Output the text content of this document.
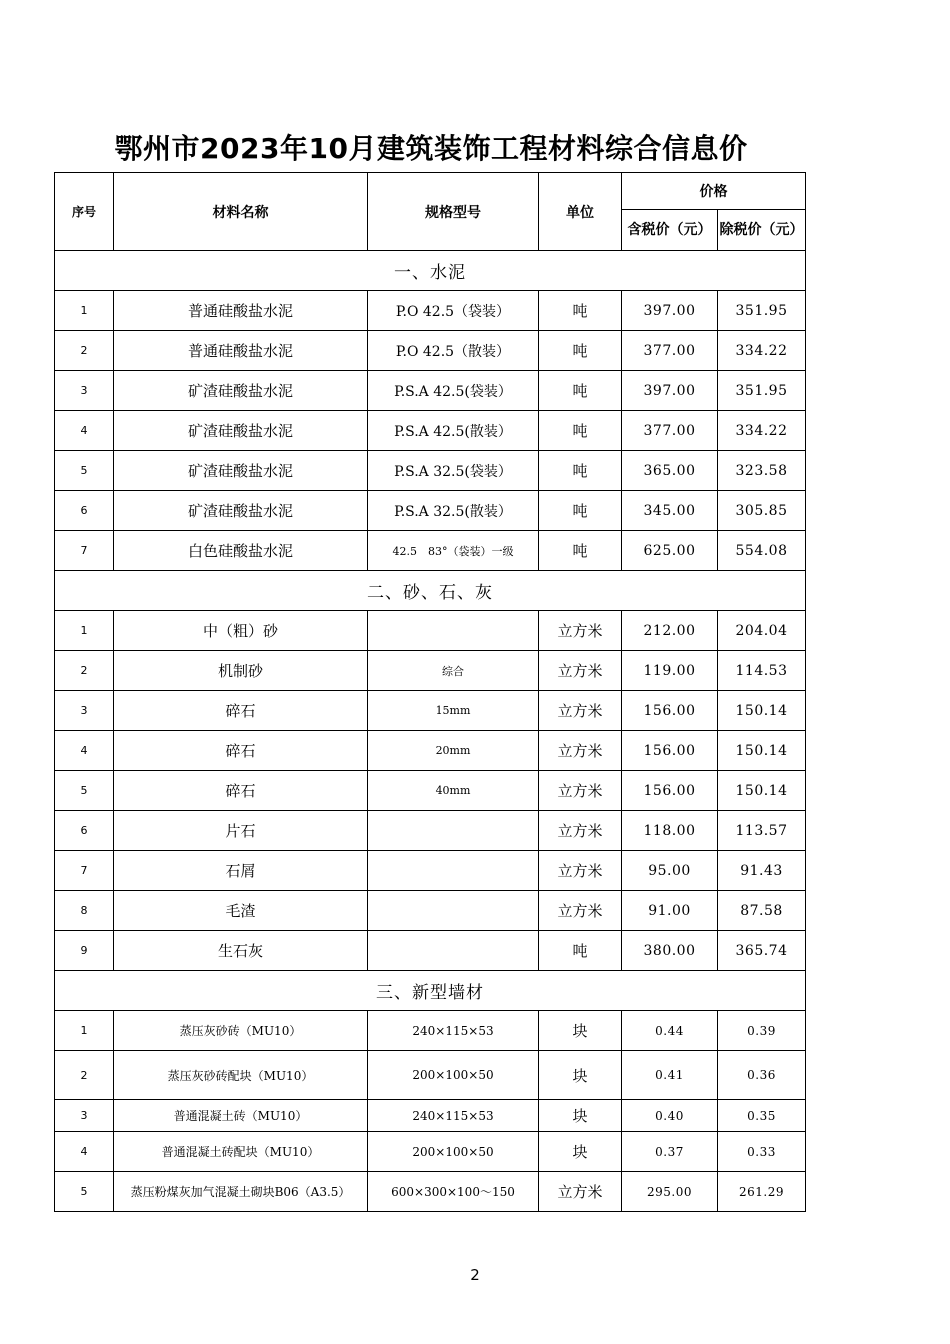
鄂州市2023年10月建筑装饰工程材料综合信息价
序号	材料名称	规格型号	单位	价格	
				含税价（元）	除税价（元）
一、水泥					
1	普通硅酸盐水泥	P.O 42.5（袋装）	吨	397.00	351.95
2	普通硅酸盐水泥	P.O 42.5（散装）	吨	377.00	334.22
3	矿渣硅酸盐水泥	P.S.A 42.5(袋装）	吨	397.00	351.95
4	矿渣硅酸盐水泥	P.S.A 42.5(散装）	吨	377.00	334.22
5	矿渣硅酸盐水泥	P.S.A 32.5(袋装）	吨	365.00	323.58
6	矿渣硅酸盐水泥	P.S.A 32.5(散装）	吨	345.00	305.85
7	白色硅酸盐水泥	42.5　83°（袋装）一级	吨	625.00	554.08
二、砂、石、灰					
1	中（粗）砂		立方米	212.00	204.04
2	机制砂	综合	立方米	119.00	114.53
3	碎石	15mm	立方米	156.00	150.14
4	碎石	20mm	立方米	156.00	150.14
5	碎石	40mm	立方米	156.00	150.14
6	片石		立方米	118.00	113.57
7	石屑		立方米	95.00	91.43
8	毛渣		立方米	91.00	87.58
9	生石灰		吨	380.00	365.74
三、新型墙材					
1	蒸压灰砂砖（MU10）	240×115×53	块	0.44	0.39
2	蒸压灰砂砖配块（MU10）	200×100×50	块	0.41	0.36
3	普通混凝土砖（MU10）	240×115×53	块	0.40	0.35
4	普通混凝土砖配块（MU10）	200×100×50	块	0.37	0.33
5	蒸压粉煤灰加气混凝土砌块B06（A3.5）	600×300×100～150	立方米	295.00	261.29
2
